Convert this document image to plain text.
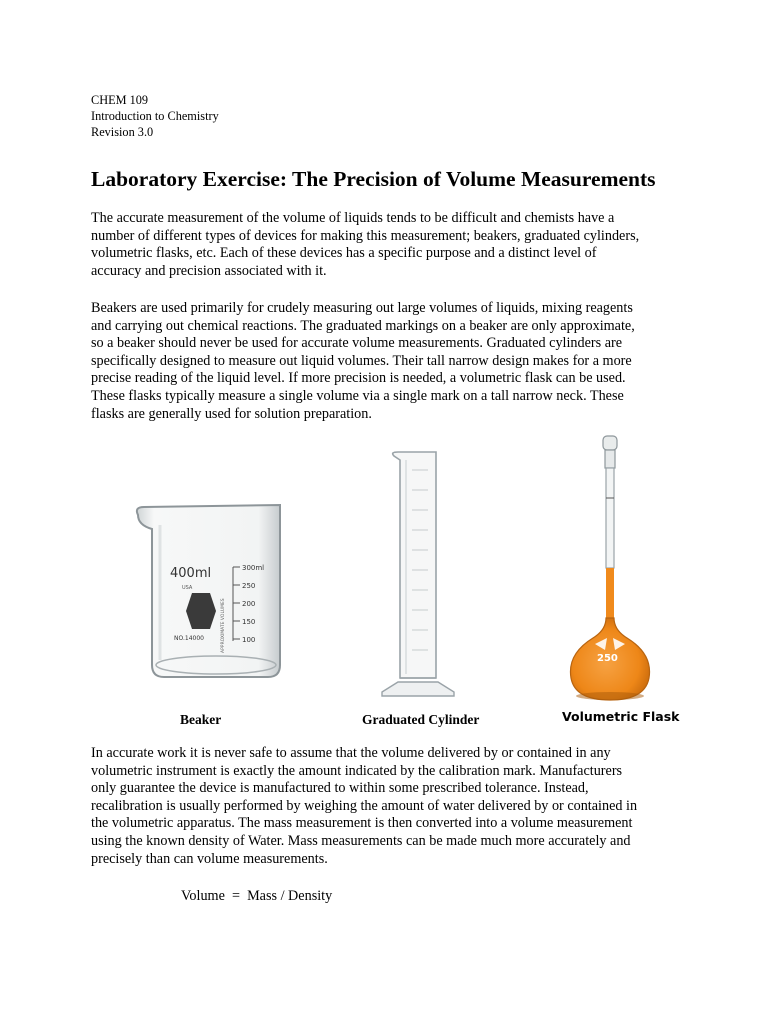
CHEM 109
Introduction to Chemistry
Revision 3.0
Laboratory Exercise: The Precision of Volume Measurements

The accurate measurement of the volume of liquids tends to be difficult and chemists have a
number of different types of devices for making this measurement; beakers, graduated cylinders,
volumetric flasks, etc. Each of these devices has a specific purpose and a distinct level of
accuracy and precision associated with it.

Beakers are used primarily for crudely measuring out large volumes of liquids, mixing reagents
and carrying out chemical reactions. The graduated markings on a beaker are only approximate,
so a beaker should never be used for accurate volume measurements. Graduated cylinders are
specifically designed to measure out liquid volumes. Their tall narrow design makes for a more
precise reading of the liquid level. If more precision is needed, a volumetric flask can be used.
These flasks typically measure a single volume via a single mark on a tall narrow neck. These
flasks are generally used for solution preparation.

400ml
USA
NO.14000	APPROXIMATE VOLUMES
300ml
250
200
150
100
250
Beaker	Graduated Cylinder	Volumetric Flask

In accurate work it is never safe to assume that the volume delivered by or contained in any
volumetric instrument is exactly the amount indicated by the calibration mark. Manufacturers
only guarantee the device is manufactured to within some prescribed tolerance. Instead,
recalibration is usually performed by weighing the amount of water delivered by or contained in
the volumetric apparatus. The mass measurement is then converted into a volume measurement
using the known density of Water. Mass measurements can be made much more accurately and
precisely than can volume measurements.

Volume  =  Mass / Density
